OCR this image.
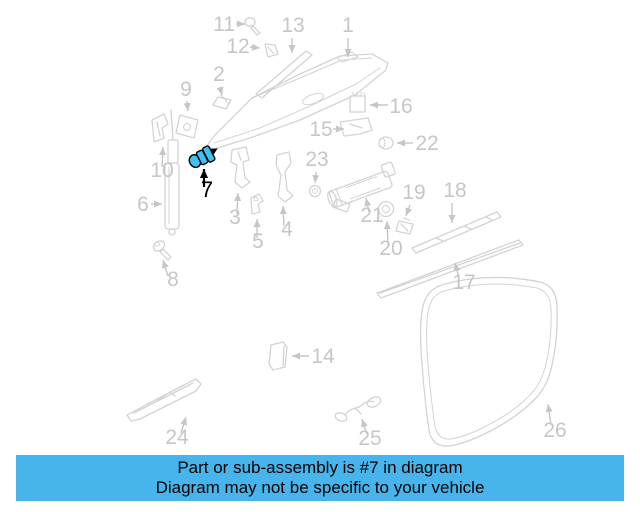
1
2
3
4
5
6
7
8
9
10
11
12
13
14
15
16
17
18
19
20
21
22
23
24	25	26
Part or sub-assembly is #7 in diagram
Diagram may not be specific to your vehicle
